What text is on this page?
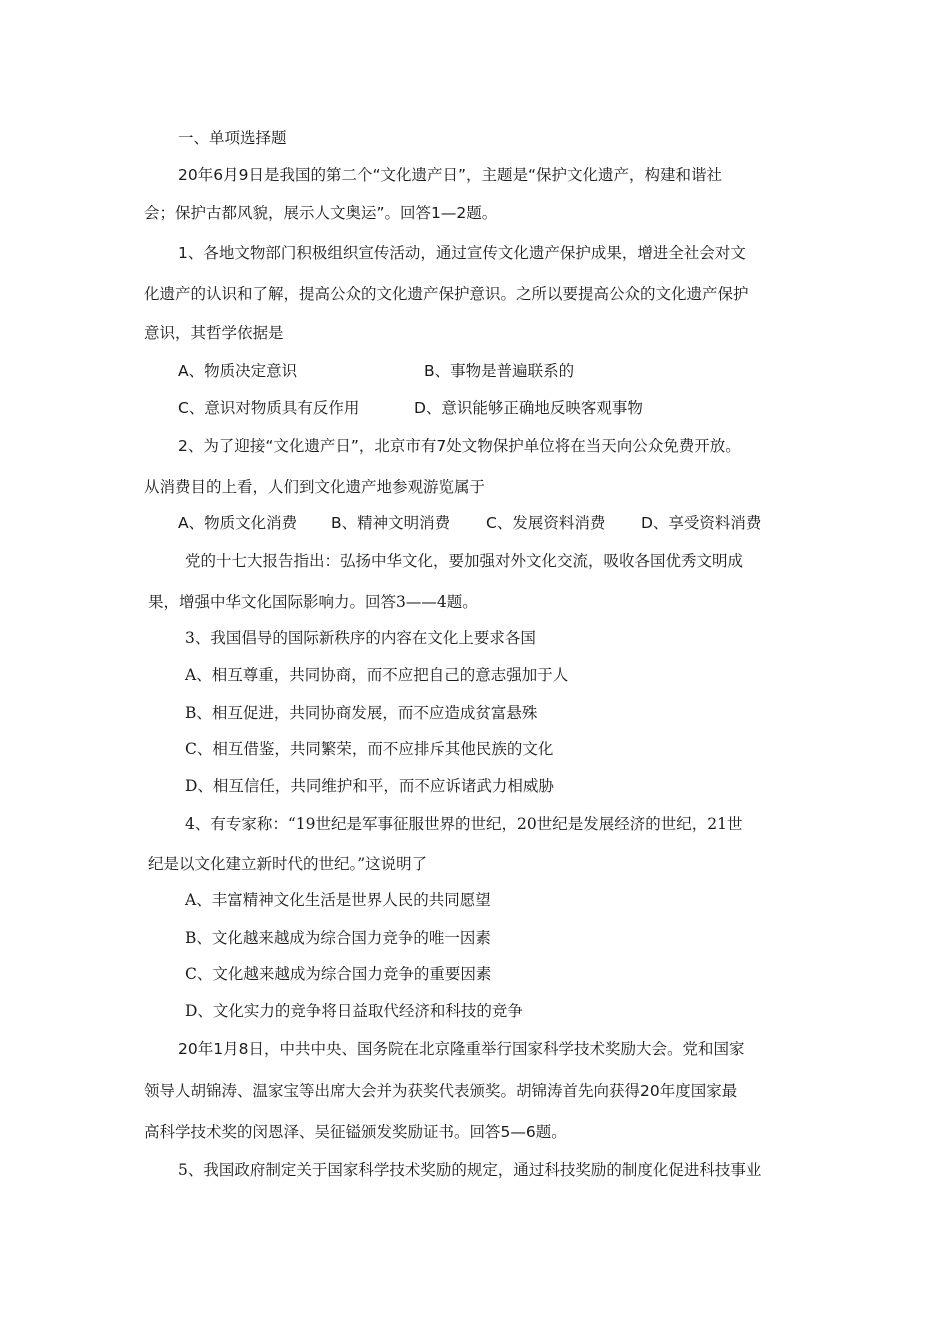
一、单项选择题
20年6月9日是我国的第二个“文化遗产日”，主题是“保护文化遗产，构建和谐社
会；保护古都风貌，展示人文奥运”。回答1—2题。
1、各地文物部门积极组织宣传活动，通过宣传文化遗产保护成果，增进全社会对文
化遗产的认识和了解，提高公众的文化遗产保护意识。之所以要提高公众的文化遗产保护
意识，其哲学依据是
A、物质决定意识	B、事物是普遍联系的
C、意识对物质具有反作用	D、意识能够正确地反映客观事物
2、为了迎接“文化遗产日”，北京市有7处文物保护单位将在当天向公众免费开放。
从消费目的上看，人们到文化遗产地参观游览属于
A、物质文化消费 B、精神文明消费 C、发展资料消费 D、享受资料消费
党的十七大报告指出：弘扬中华文化，要加强对外文化交流，吸收各国优秀文明成
果，增强中华文化国际影响力。回答3——4题。
3、我国倡导的国际新秩序的内容在文化上要求各国
A、相互尊重，共同协商，而不应把自己的意志强加于人
B、相互促进，共同协商发展，而不应造成贫富悬殊
C、相互借鉴，共同繁荣，而不应排斥其他民族的文化
D、相互信任，共同维护和平，而不应诉诸武力相威胁
4、有专家称：“19世纪是军事征服世界的世纪，20世纪是发展经济的世纪，21世
纪是以文化建立新时代的世纪。”这说明了
A、丰富精神文化生活是世界人民的共同愿望
B、文化越来越成为综合国力竞争的唯一因素
C、文化越来越成为综合国力竞争的重要因素
D、文化实力的竞争将日益取代经济和科技的竞争
20年1月8日，中共中央、国务院在北京隆重举行国家科学技术奖励大会。党和国家
领导人胡锦涛、温家宝等出席大会并为获奖代表颁奖。胡锦涛首先向获得20年度国家最
高科学技术奖的闵恩泽、吴征镒颁发奖励证书。回答5—6题。
5、我国政府制定关于国家科学技术奖励的规定，通过科技奖励的制度化促进科技事业
